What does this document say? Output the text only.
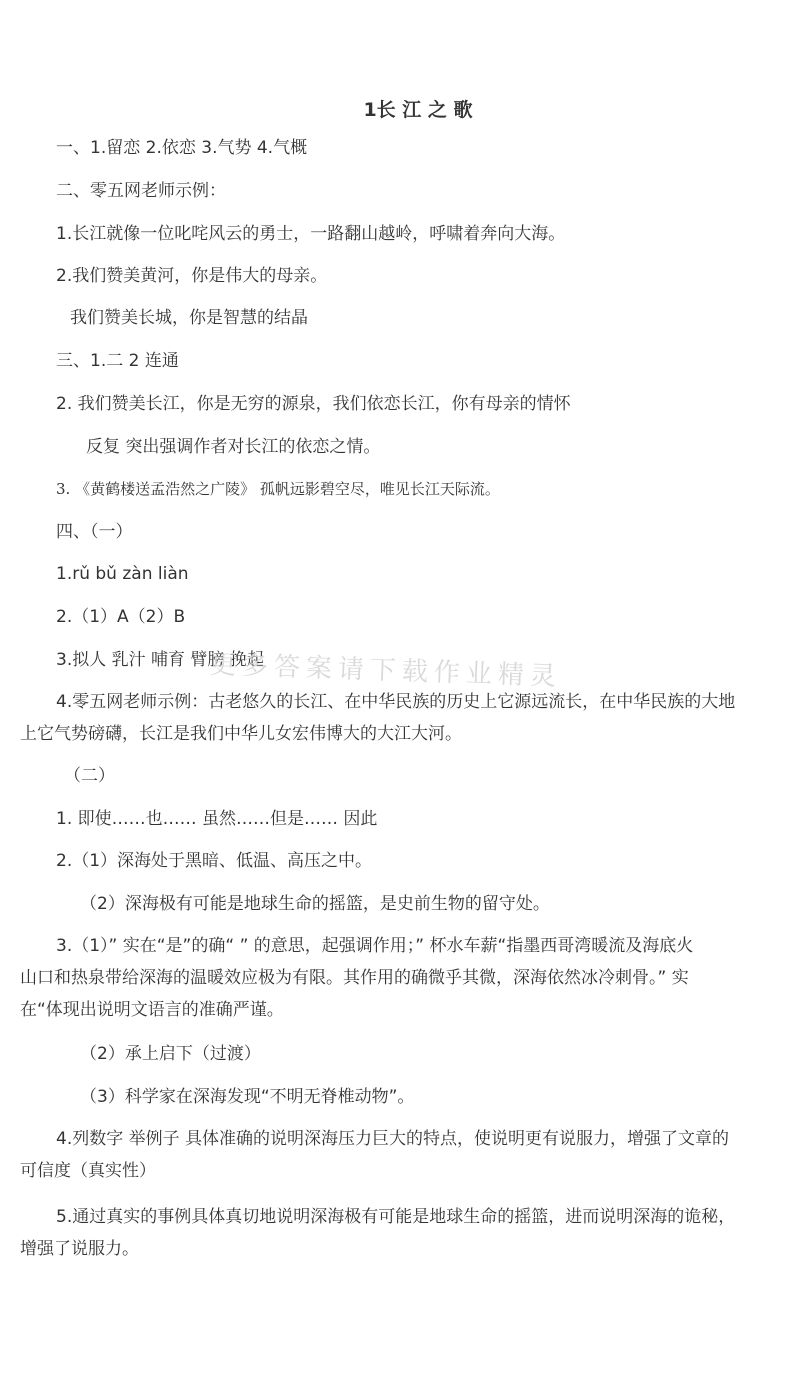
1长 江 之 歌
一、1.留恋 2.依恋 3.气势 4.气概
二、零五网老师示例：
1.长江就像一位叱咤风云的勇士，一路翻山越岭，呼啸着奔向大海。
2.我们赞美黄河，你是伟大的母亲。
我们赞美长城，你是智慧的结晶
三、1.二 2 连通
2. 我们赞美长江，你是无穷的源泉，我们依恋长江，你有母亲的情怀
反复 突出强调作者对长江的依恋之情。
3. 《黄鹤楼送孟浩然之广陵》 孤帆远影碧空尽，唯见长江天际流。
四、（一）
1.rǔ bǔ zàn liàn
2.（1）A（2）B
3.拟人 乳汁 哺育 臂膀 挽起
更多答案请下载作业精灵
4.零五网老师示例：古老悠久的长江、在中华民族的历史上它源远流长，在中华民族的大地
上它气势磅礴，长江是我们中华儿女宏伟博大的大江大河。
（二）
1. 即使……也…… 虽然……但是…… 因此
2.（1）深海处于黑暗、低温、高压之中。
（2）深海极有可能是地球生命的摇篮，是史前生物的留守处。
3.（1）” 实在“是”的确“ ” 的意思，起强调作用；” 杯水车薪“指墨西哥湾暖流及海底火
山口和热泉带给深海的温暖效应极为有限。其作用的确微乎其微，深海依然冰冷刺骨。” 实
在“体现出说明文语言的准确严谨。
（2）承上启下（过渡）
（3）科学家在深海发现“不明无脊椎动物”。
4.列数字 举例子 具体准确的说明深海压力巨大的特点，使说明更有说服力，增强了文章的
可信度（真实性）
5.通过真实的事例具体真切地说明深海极有可能是地球生命的摇篮，进而说明深海的诡秘，
增强了说服力。
